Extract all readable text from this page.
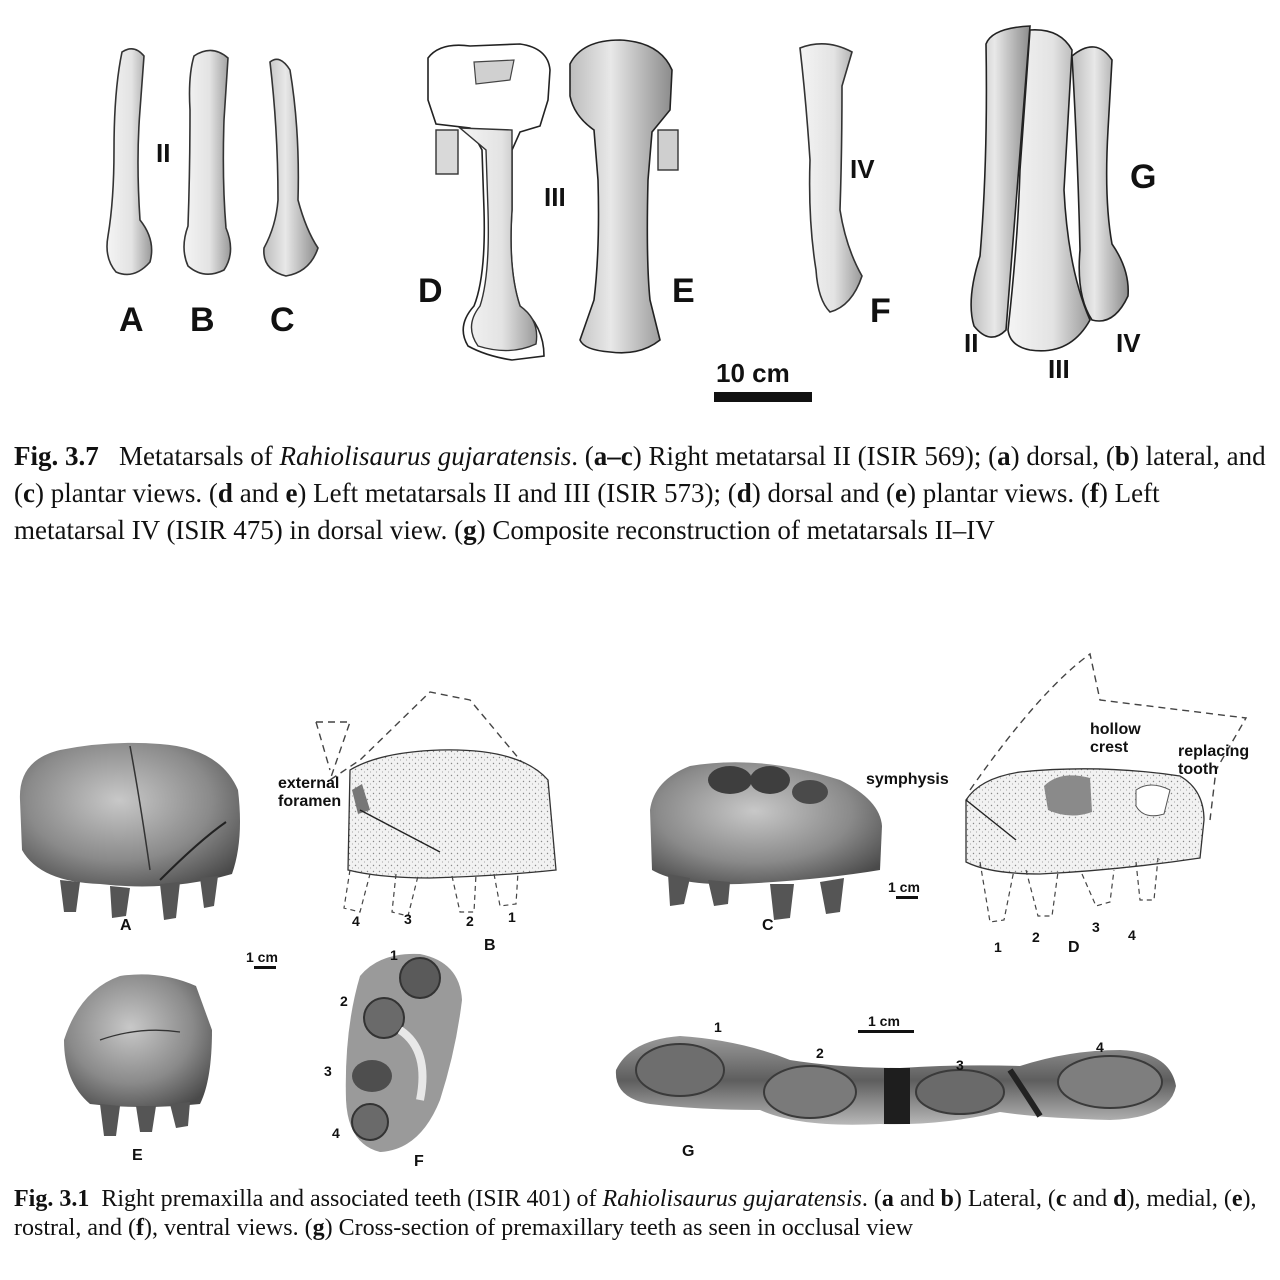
A B C
D	E
F
G
II
III
IV
II
III
IV
10 cm
Fig. 3.7 Metatarsals of Rahiolisaurus gujaratensis. (a–c) Right metatarsal II (ISIR 569); (a) dorsal, (b) lateral, and (c) plantar views. (d and e) Left metatarsals II and III (ISIR 573); (d) dorsal and (e) plantar views. (f) Left metatarsal IV (ISIR 475) in dorsal view. (g) Composite reconstruction of metatarsals II–IV
A
external
foramen
4	3	2 1
B
C
1 cm
symphysis
hollow
crest	replacing
tooth
1
2
3 4
D
1 cm
E
1
2
3
4
F
1 cm
1
2
3
4
G
Fig. 3.1 Right premaxilla and associated teeth (ISIR 401) of Rahiolisaurus gujaratensis. (a and b) Lateral, (c and d), medial, (e), rostral, and (f), ventral views. (g) Cross-section of premaxillary teeth as seen in occlusal view
